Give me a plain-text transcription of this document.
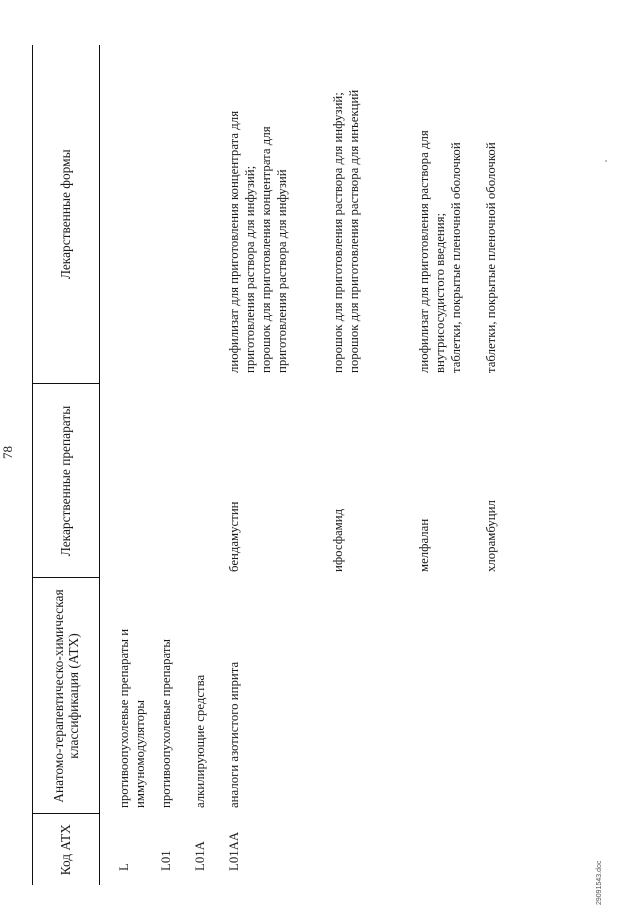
78
Код АТХ	Анатомо-терапевтическо-химическая классификация (АТХ)	Лекарственные препараты	Лекарственные формы
L	противоопухолевые препараты и иммуномодуляторы		
L01	противоопухолевые препараты		
L01A	алкилирующие средства		
L01AA	аналоги азотистого иприта	бендамустин	лиофилизат для приготовления концентрата для приготовления раствора для инфузий;
порошок для приготовления концентрата для приготовления раствора для инфузий
		ифосфамид	порошок для приготовления раствора для инфузий;
порошок для приготовления раствора для инъекций
		мелфалан	лиофилизат для приготовления раствора для внутрисосудистого введения;
таблетки, покрытые пленочной оболочкой
		хлорамбуцил	таблетки, покрытые пленочной оболочкой
29091543.doc
